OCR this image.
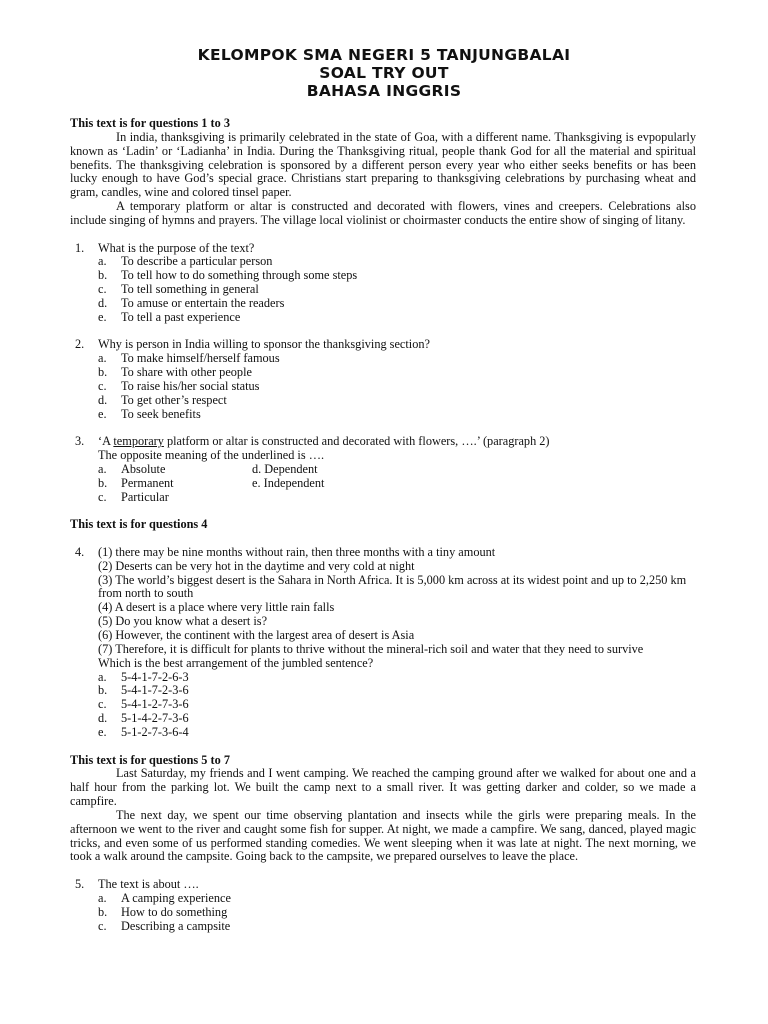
KELOMPOK SMA NEGERI 5 TANJUNGBALAI
SOAL TRY OUT
BAHASA INGGRIS
This text is for questions 1 to 3

In india, thanksgiving is primarily celebrated in the state of Goa, with a different name. Thanksgiving is evpopularly known as ‘Ladin’ or ‘Ladianha’ in India. During the Thanksgiving ritual, people thank God for all the material and spiritual benefits. The thanksgiving celebration is sponsored by a different person every year who either seeks benefits or has been lucky enough to have God’s special grace. Christians start preparing to thanksgiving celebrations by purchasing wheat and gram, candles, wine and colored tinsel paper.

A temporary platform or altar is constructed and decorated with flowers, vines and creepers. Celebrations also include singing of hymns and prayers. The village local violinist or choirmaster conducts the entire show of singing of litany.

1. What is the purpose of the text?
a. To describe a particular person
b. To tell how to do something through some steps
c. To tell something in general
d. To amuse or entertain the readers
e. To tell a past experience
2. Why is person in India willing to sponsor the thanksgiving section?
a. To make himself/herself famous
b. To share with other people
c. To raise his/her social status
d. To get other’s respect
e. To seek benefits
3. ‘A temporary platform or altar is constructed and decorated with flowers, ….’ (paragraph 2)
The opposite meaning of the underlined is ….
a. Absolute	d. Dependent
b. Permanent	e. Independent
c. Particular
This text is for questions 4
4. (1) there may be nine months without rain, then three months with a tiny amount
(2) Deserts can be very hot in the daytime and very cold at night
(3) The world’s biggest desert is the Sahara in North Africa. It is 5,000 km across at its widest point and up to 2,250 km from north to south
(4) A desert is a place where very little rain falls
(5) Do you know what a desert is?
(6) However, the continent with the largest area of desert is Asia
(7) Therefore, it is difficult for plants to thrive without the mineral-rich soil and water that they need to survive
Which is the best arrangement of the jumbled sentence?
a. 5-4-1-7-2-6-3
b. 5-4-1-7-2-3-6
c. 5-4-1-2-7-3-6
d. 5-1-4-2-7-3-6
e. 5-1-2-7-3-6-4
This text is for questions 5 to 7

Last Saturday, my friends and I went camping. We reached the camping ground after we walked for about one and a half hour from the parking lot. We built the camp next to a small river. It was getting darker and colder, so we made a campfire.

The next day, we spent our time observing plantation and insects while the girls were preparing meals. In the afternoon we went to the river and caught some fish for supper. At night, we made a campfire. We sang, danced, played magic tricks, and even some of us performed standing comedies. We went sleeping when it was late at night. The next morning, we took a walk around the campsite. Going back to the campsite, we prepared ourselves to leave the place.

5. The text is about ….
a. A camping experience
b. How to do something
c. Describing a campsite
